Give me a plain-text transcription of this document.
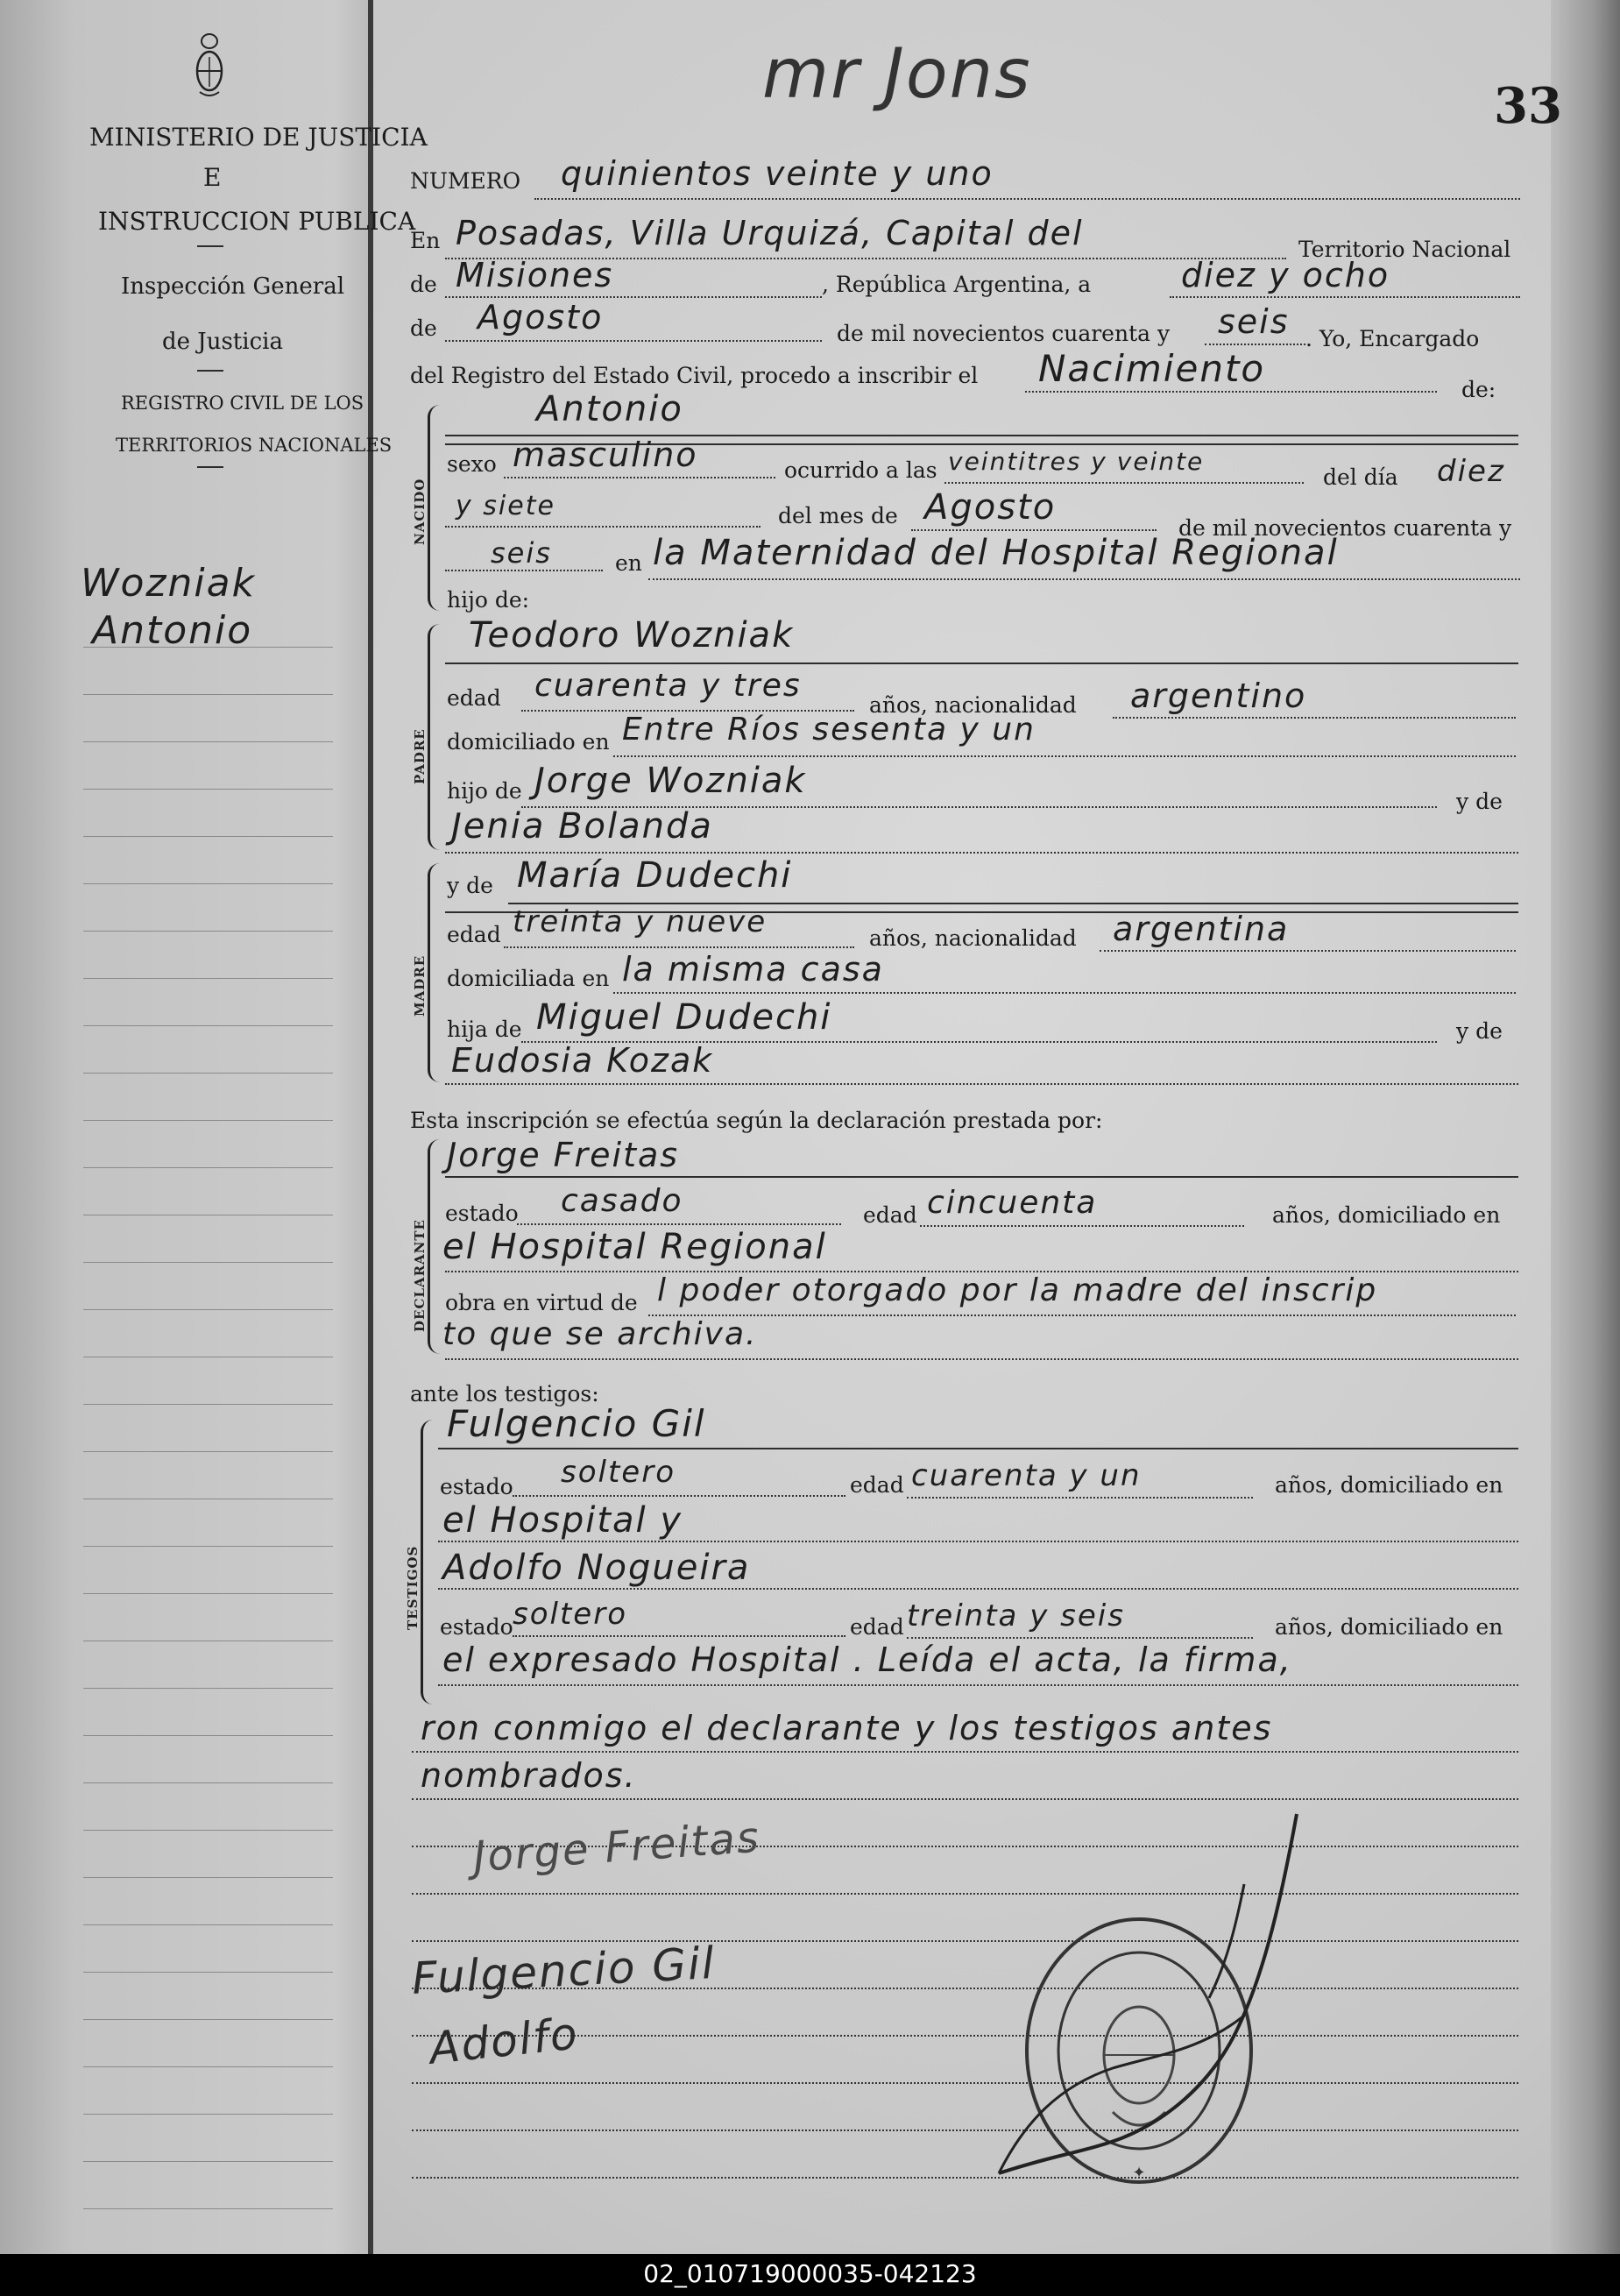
MINISTERIO DE JUSTICIA
E
INSTRUCCION PUBLICA
Inspección General
de Justicia
REGISTRO CIVIL DE LOS
TERRITORIOS NACIONALES
Wozniak
Antonio
mr Jons	33
NUMERO quinientos veinte y uno
En Posadas, Villa Urquizá, Capital del	Territorio Nacional
de Misiones	, República Argentina, a	diez y ocho
de Agosto	de mil novecientos cuarenta y seis . Yo, Encargado
del Registro del Estado Civil, procedo a inscribir el Nacimiento	de:
NACIDO
Antonio
sexo masculino	ocurrido a las veintitres y veinte
del día diez
y siete	del mes de Agosto
de mil novecientos cuarenta y
seis	en la Maternidad del Hospital Regional
hijo de:
PADRE
Teodoro Wozniak
edad cuarenta y tres
años, nacionalidad argentino
domiciliado en Entre Ríos sesenta y un
hijo de Jorge Wozniak
y de
Jenia Bolanda
MADRE
y de María Dudechi
edad treinta y nueve	años, nacionalidad argentina
domiciliada en la misma casa
hija de Miguel Dudechi	y de
Eudosia Kozak
Esta inscripción se efectúa según la declaración prestada por:
DECLARANTE
Jorge Freitas
estado casado	edad cincuenta	años, domiciliado en
el Hospital Regional
obra en virtud de l poder otorgado por la madre del inscrip
to que se archiva.
ante los testigos:
TESTIGOS
Fulgencio Gil
estado soltero	edad cuarenta y un	años, domiciliado en
el Hospital y
Adolfo Nogueira
estado soltero	edad treinta y seis	años, domiciliado en
el expresado Hospital . Leída el acta, la firma,
ron conmigo el declarante y los testigos antes
nombrados.
Jorge Freitas
Fulgencio Gil
Adolfo
✦
02_010719000035-042123
